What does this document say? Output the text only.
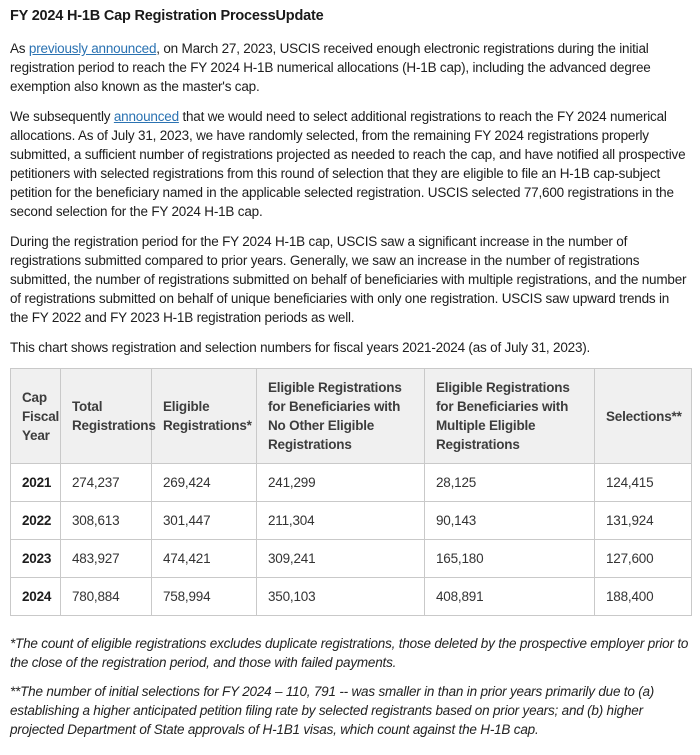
FY 2024 H-1B Cap Registration ProcessUpdate

As previously announced, on March 27, 2023, USCIS received enough electronic registrations during the initial registration period to reach the FY 2024 H-1B numerical allocations (H-1B cap), including the advanced degree exemption also known as the master's cap.

We subsequently announced that we would need to select additional registrations to reach the FY 2024 numerical allocations. As of July 31, 2023, we have randomly selected, from the remaining FY 2024 registrations properly submitted, a sufficient number of registrations projected as needed to reach the cap, and have notified all prospective petitioners with selected registrations from this round of selection that they are eligible to file an H-1B cap-subject petition for the beneficiary named in the applicable selected registration. USCIS selected 77,600 registrations in the second selection for the FY 2024 H-1B cap.

During the registration period for the FY 2024 H-1B cap, USCIS saw a significant increase in the number of registrations submitted compared to prior years. Generally, we saw an increase in the number of registrations submitted, the number of registrations submitted on behalf of beneficiaries with multiple registrations, and the number of registrations submitted on behalf of unique beneficiaries with only one registration. USCIS saw upward trends in the FY 2022 and FY 2023 H-1B registration periods as well.

This chart shows registration and selection numbers for fiscal years 2021-2024 (as of July 31, 2023).

Cap Fiscal Year	Total Registrations	Eligible Registrations*	Eligible Registrations for Beneficiaries with No Other Eligible Registrations	Eligible Registrations for Beneficiaries with Multiple Eligible Registrations	Selections**
2021	274,237	269,424	241,299	28,125	124,415
2022	308,613	301,447	211,304	90,143	131,924
2023	483,927	474,421	309,241	165,180	127,600
2024	780,884	758,994	350,103	408,891	188,400

*The count of eligible registrations excludes duplicate registrations, those deleted by the prospective employer prior to the close of the registration period, and those with failed payments.

**The number of initial selections for FY 2024 – 110, 791 -- was smaller in than in prior years primarily due to (a) establishing a higher anticipated petition filing rate by selected registrants based on prior years; and (b) higher projected Department of State approvals of H-1B1 visas, which count against the H-1B cap.
